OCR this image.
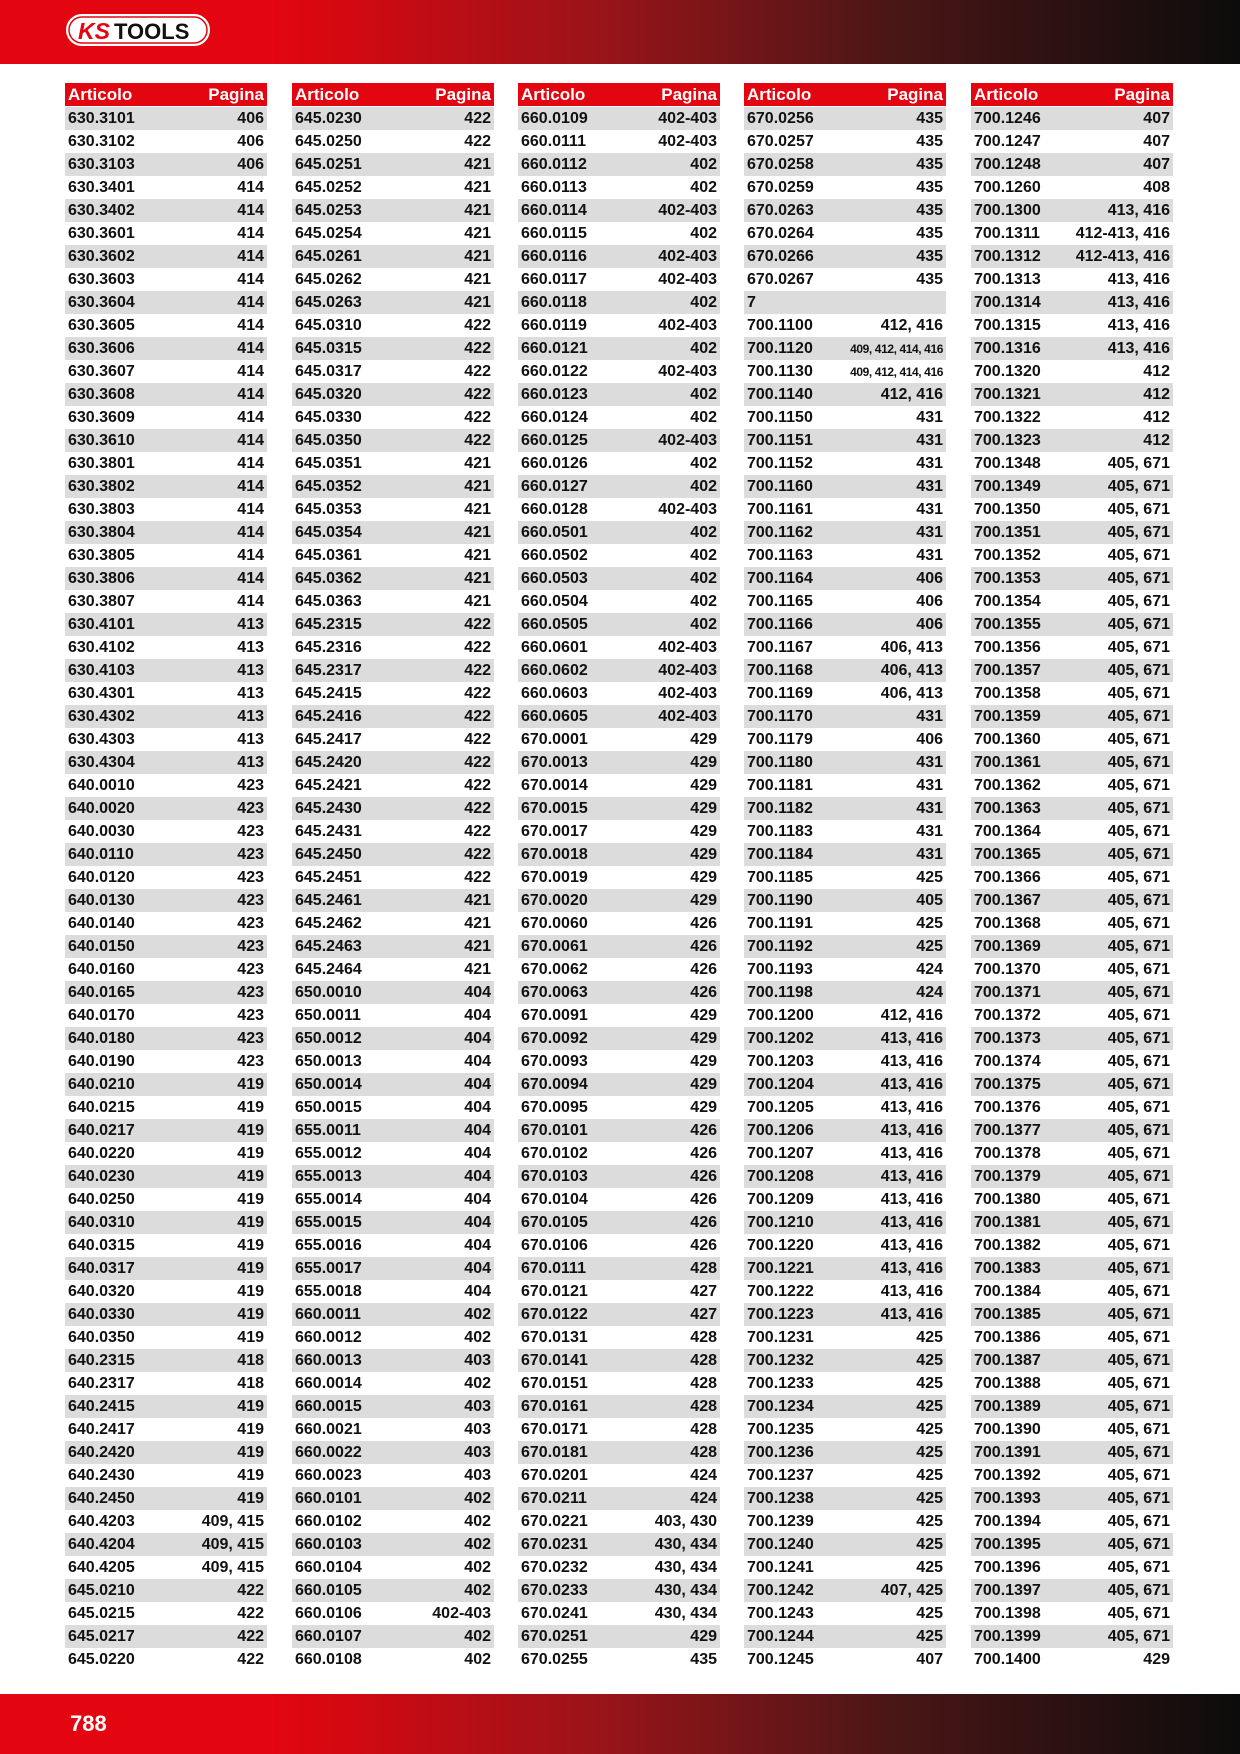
KS TOOLS
Articolo	Pagina
630.3101	406
630.3102	406
630.3103	406
630.3401	414
630.3402	414
630.3601	414
630.3602	414
630.3603	414
630.3604	414
630.3605	414
630.3606	414
630.3607	414
630.3608	414
630.3609	414
630.3610	414
630.3801	414
630.3802	414
630.3803	414
630.3804	414
630.3805	414
630.3806	414
630.3807	414
630.4101	413
630.4102	413
630.4103	413
630.4301	413
630.4302	413
630.4303	413
630.4304	413
640.0010	423
640.0020	423
640.0030	423
640.0110	423
640.0120	423
640.0130	423
640.0140	423
640.0150	423
640.0160	423
640.0165	423
640.0170	423
640.0180	423
640.0190	423
640.0210	419
640.0215	419
640.0217	419
640.0220	419
640.0230	419
640.0250	419
640.0310	419
640.0315	419
640.0317	419
640.0320	419
640.0330	419
640.0350	419
640.2315	418
640.2317	418
640.2415	419
640.2417	419
640.2420	419
640.2430	419
640.2450	419
640.4203	409, 415
640.4204	409, 415
640.4205	409, 415
645.0210	422
645.0215	422
645.0217	422
645.0220	422
Articolo	Pagina
645.0230	422
645.0250	422
645.0251	421
645.0252	421
645.0253	421
645.0254	421
645.0261	421
645.0262	421
645.0263	421
645.0310	422
645.0315	422
645.0317	422
645.0320	422
645.0330	422
645.0350	422
645.0351	421
645.0352	421
645.0353	421
645.0354	421
645.0361	421
645.0362	421
645.0363	421
645.2315	422
645.2316	422
645.2317	422
645.2415	422
645.2416	422
645.2417	422
645.2420	422
645.2421	422
645.2430	422
645.2431	422
645.2450	422
645.2451	422
645.2461	421
645.2462	421
645.2463	421
645.2464	421
650.0010	404
650.0011	404
650.0012	404
650.0013	404
650.0014	404
650.0015	404
655.0011	404
655.0012	404
655.0013	404
655.0014	404
655.0015	404
655.0016	404
655.0017	404
655.0018	404
660.0011	402
660.0012	402
660.0013	403
660.0014	402
660.0015	403
660.0021	403
660.0022	403
660.0023	403
660.0101	402
660.0102	402
660.0103	402
660.0104	402
660.0105	402
660.0106	402-403
660.0107	402
660.0108	402
Articolo	Pagina
660.0109	402-403
660.0111	402-403
660.0112	402
660.0113	402
660.0114	402-403
660.0115	402
660.0116	402-403
660.0117	402-403
660.0118	402
660.0119	402-403
660.0121	402
660.0122	402-403
660.0123	402
660.0124	402
660.0125	402-403
660.0126	402
660.0127	402
660.0128	402-403
660.0501	402
660.0502	402
660.0503	402
660.0504	402
660.0505	402
660.0601	402-403
660.0602	402-403
660.0603	402-403
660.0605	402-403
670.0001	429
670.0013	429
670.0014	429
670.0015	429
670.0017	429
670.0018	429
670.0019	429
670.0020	429
670.0060	426
670.0061	426
670.0062	426
670.0063	426
670.0091	429
670.0092	429
670.0093	429
670.0094	429
670.0095	429
670.0101	426
670.0102	426
670.0103	426
670.0104	426
670.0105	426
670.0106	426
670.0111	428
670.0121	427
670.0122	427
670.0131	428
670.0141	428
670.0151	428
670.0161	428
670.0171	428
670.0181	428
670.0201	424
670.0211	424
670.0221	403, 430
670.0231	430, 434
670.0232	430, 434
670.0233	430, 434
670.0241	430, 434
670.0251	429
670.0255	435
Articolo	Pagina
670.0256	435
670.0257	435
670.0258	435
670.0259	435
670.0263	435
670.0264	435
670.0266	435
670.0267	435
7
700.1100	412, 416
700.1120	409, 412, 414, 416
700.1130	409, 412, 414, 416
700.1140	412, 416
700.1150	431
700.1151	431
700.1152	431
700.1160	431
700.1161	431
700.1162	431
700.1163	431
700.1164	406
700.1165	406
700.1166	406
700.1167	406, 413
700.1168	406, 413
700.1169	406, 413
700.1170	431
700.1179	406
700.1180	431
700.1181	431
700.1182	431
700.1183	431
700.1184	431
700.1185	425
700.1190	405
700.1191	425
700.1192	425
700.1193	424
700.1198	424
700.1200	412, 416
700.1202	413, 416
700.1203	413, 416
700.1204	413, 416
700.1205	413, 416
700.1206	413, 416
700.1207	413, 416
700.1208	413, 416
700.1209	413, 416
700.1210	413, 416
700.1220	413, 416
700.1221	413, 416
700.1222	413, 416
700.1223	413, 416
700.1231	425
700.1232	425
700.1233	425
700.1234	425
700.1235	425
700.1236	425
700.1237	425
700.1238	425
700.1239	425
700.1240	425
700.1241	425
700.1242	407, 425
700.1243	425
700.1244	425
700.1245	407
Articolo	Pagina
700.1246	407
700.1247	407
700.1248	407
700.1260	408
700.1300	413, 416
700.1311 412-413, 416
700.1312 412-413, 416
700.1313	413, 416
700.1314	413, 416
700.1315	413, 416
700.1316	413, 416
700.1320	412
700.1321	412
700.1322	412
700.1323	412
700.1348	405, 671
700.1349	405, 671
700.1350	405, 671
700.1351	405, 671
700.1352	405, 671
700.1353	405, 671
700.1354	405, 671
700.1355	405, 671
700.1356	405, 671
700.1357	405, 671
700.1358	405, 671
700.1359	405, 671
700.1360	405, 671
700.1361	405, 671
700.1362	405, 671
700.1363	405, 671
700.1364	405, 671
700.1365	405, 671
700.1366	405, 671
700.1367	405, 671
700.1368	405, 671
700.1369	405, 671
700.1370	405, 671
700.1371	405, 671
700.1372	405, 671
700.1373	405, 671
700.1374	405, 671
700.1375	405, 671
700.1376	405, 671
700.1377	405, 671
700.1378	405, 671
700.1379	405, 671
700.1380	405, 671
700.1381	405, 671
700.1382	405, 671
700.1383	405, 671
700.1384	405, 671
700.1385	405, 671
700.1386	405, 671
700.1387	405, 671
700.1388	405, 671
700.1389	405, 671
700.1390	405, 671
700.1391	405, 671
700.1392	405, 671
700.1393	405, 671
700.1394	405, 671
700.1395	405, 671
700.1396	405, 671
700.1397	405, 671
700.1398	405, 671
700.1399	405, 671
700.1400	429
788
